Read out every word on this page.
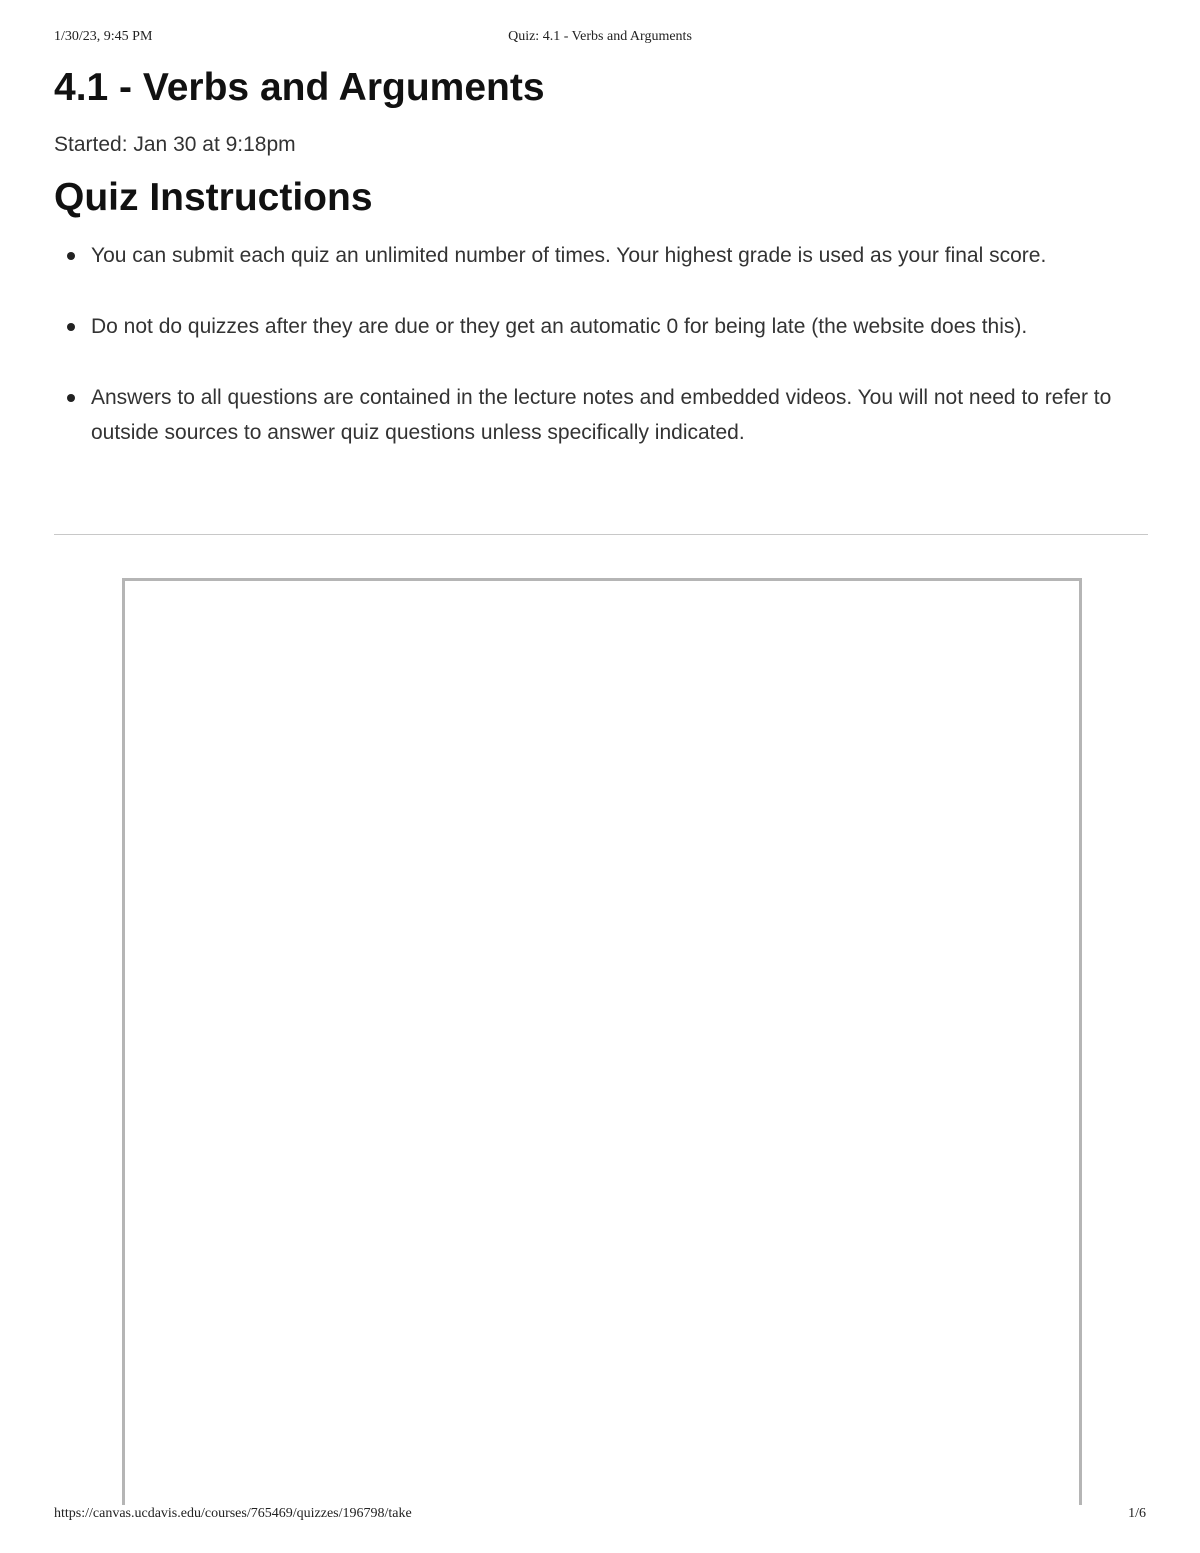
1/30/23, 9:45 PM	Quiz: 4.1 - Verbs and Arguments
4.1 - Verbs and Arguments
Started: Jan 30 at 9:18pm
Quiz Instructions
You can submit each quiz an unlimited number of times. Your highest grade is used as your final score.
Do not do quizzes after they are due or they get an automatic 0 for being late (the website does this).
Answers to all questions are contained in the lecture notes and embedded videos. You will not need to refer to outside sources to answer quiz questions unless specifically indicated.
https://canvas.ucdavis.edu/courses/765469/quizzes/196798/take	1/6
